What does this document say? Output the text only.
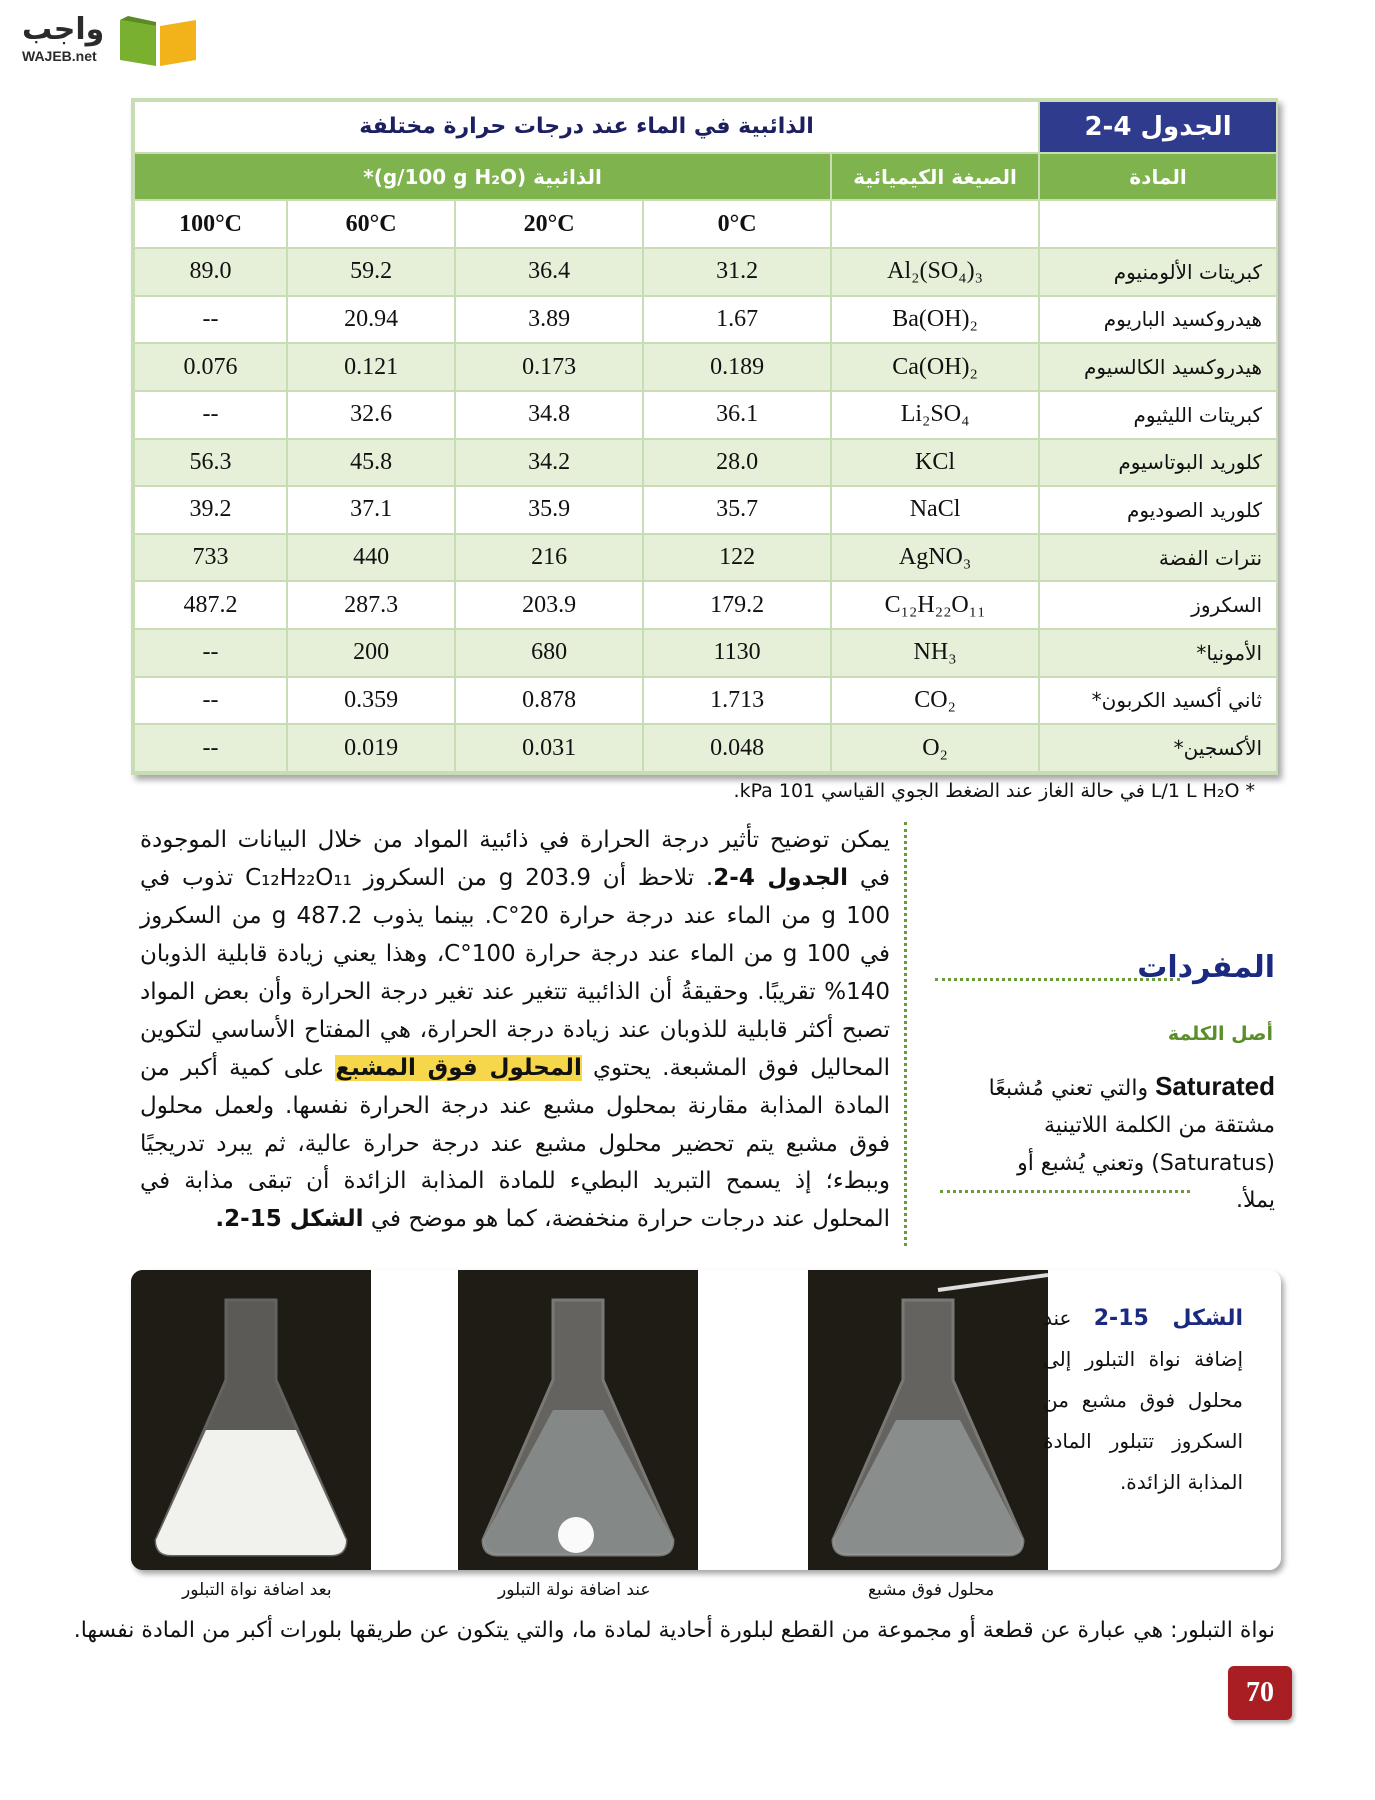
واجب
WAJEB.net
الجدول 4-2	الذائبية في الماء عند درجات حرارة مختلفة				
المادة	الصيغة الكيميائية	الذائبية (g/100 g H₂O)*			
		0°C	20°C	60°C	100°C
كبريتات الألومنيوم	Al₂(SO₄)₃	31.2	36.4	59.2	89.0
هيدروكسيد الباريوم	Ba(OH)₂	1.67	3.89	20.94	--
هيدروكسيد الكالسيوم	Ca(OH)₂	0.189	0.173	0.121	0.076
كبريتات الليثيوم	Li₂SO₄	36.1	34.8	32.6	--
كلوريد البوتاسيوم	KCl	28.0	34.2	45.8	56.3
كلوريد الصوديوم	NaCl	35.7	35.9	37.1	39.2
نترات الفضة	AgNO₃	122	216	440	733
السكروز	C₁₂H₂₂O₁₁	179.2	203.9	287.3	487.2
الأمونيا*	NH₃	1130	680	200	--
ثاني أكسيد الكربون*	CO₂	1.713	0.878	0.359	--
الأكسجين*	O₂	0.048	0.031	0.019	--
* L/1 L H₂O في حالة الغاز عند الضغط الجوي القياسي 101 kPa.
يمكن توضيح تأثير درجة الحرارة في ذائبية المواد من خلال البيانات الموجودة في الجدول 4-2. تلاحظ أن 203.9 g من السكروز C₁₂H₂₂O₁₁ تذوب في 100 g من الماء عند درجة حرارة 20°C. بينما يذوب 487.2 g من السكروز في 100 g من الماء عند درجة حرارة 100°C، وهذا يعني زيادة قابلية الذوبان 140% تقريبًا. وحقيقةُ أن الذائبية تتغير عند تغير درجة الحرارة وأن بعض المواد تصبح أكثر قابلية للذوبان عند زيادة درجة الحرارة، هي المفتاح الأساسي لتكوين المحاليل فوق المشبعة. يحتوي المحلول فوق المشبع على كمية أكبر من المادة المذابة مقارنة بمحلول مشبع عند درجة الحرارة نفسها. ولعمل محلول فوق مشبع يتم تحضير محلول مشبع عند درجة حرارة عالية، ثم يبرد تدريجيًا وببطء؛ إذ يسمح التبريد البطيء للمادة المذابة الزائدة أن تبقى مذابة في المحلول عند درجات حرارة منخفضة، كما هو موضح في الشكل 15-2.
المفردات
أصل الكلمة
Saturated والتي تعني مُشبعًا
مشتقة من الكلمة اللاتينية
(Saturatus) وتعني يُشبع أو يملأ.
الشكل 15-2 عند إضافة نواة التبلور إلى محلول فوق مشبع من السكروز تتبلور المادة المذابة الزائدة.
محلول فوق مشبع
عند اضافة نولة التبلور
بعد اضافة نواة التبلور
نواة التبلور: هي عبارة عن قطعة أو مجموعة من القطع لبلورة أحادية لمادة ما، والتي يتكون عن طريقها بلورات أكبر من المادة نفسها.
70
